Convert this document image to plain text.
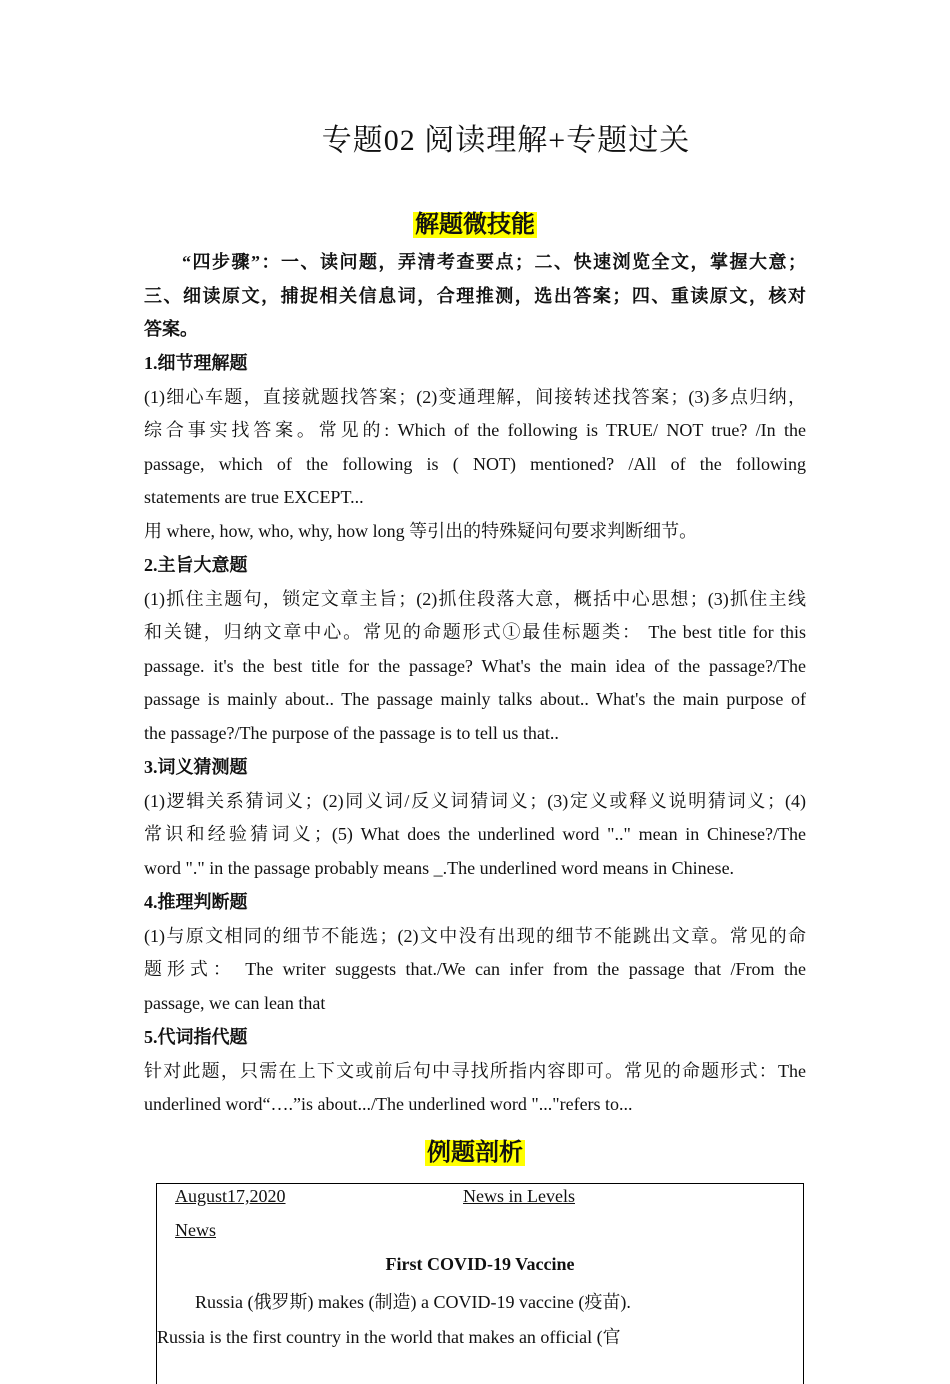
专题02 阅读理解+专题过关
解题微技能
“四步骤”：一、读问题，弄清考查要点；二、快速浏览全文，掌握大意；
三、细读原文，捕捉相关信息词，合理推测，选出答案；四、重读原文，核对
答案。
1.细节理解题
(1)细心车题，直接就题找答案；(2)变通理解，间接转述找答案；(3)多点归纳，
综合事实找答案。常见的: Which of the following is TRUE/ NOT true? /In the
passage, which of the following is ( NOT) mentioned? /All of the following
statements are true EXCEPT...
用 where, how, who, why, how long 等引出的特殊疑问句要求判断细节。
2.主旨大意题
(1)抓住主题句，锁定文章主旨；(2)抓住段落大意，概括中心思想；(3)抓住主线
和关键，归纳文章中心。常见的命题形式①最佳标题类： The best title for this
passage. it's the best title for the passage? What's the main idea of the passage?/The
passage is mainly about.. The passage mainly talks about.. What's the main purpose of
the passage?/The purpose of the passage is to tell us that..
3.词义猜测题
(1)逻辑关系猜词义；(2)同义词/反义词猜词义；(3)定义或释义说明猜词义；(4)
常识和经验猜词义；(5) What does the underlined word ".." mean in Chinese?/The
word "." in the passage probably means _.The underlined word means in Chinese.
4.推理判断题
(1)与原文相同的细节不能选；(2)文中没有出现的细节不能跳出文章。常见的命
题形式： The writer suggests that./We can infer from the passage that /From the
passage, we can lean that
5.代词指代题
针对此题，只需在上下文或前后句中寻找所指内容即可。常见的命题形式：The
underlined word“….”is about.../The underlined word "..."refers to...
例题剖析
August17,2020	News in Levels
News
First COVID-19 Vaccine
Russia (俄罗斯) makes (制造) a COVID-19 vaccine (疫苗).
Russia is the first country in the world that makes an official (官
